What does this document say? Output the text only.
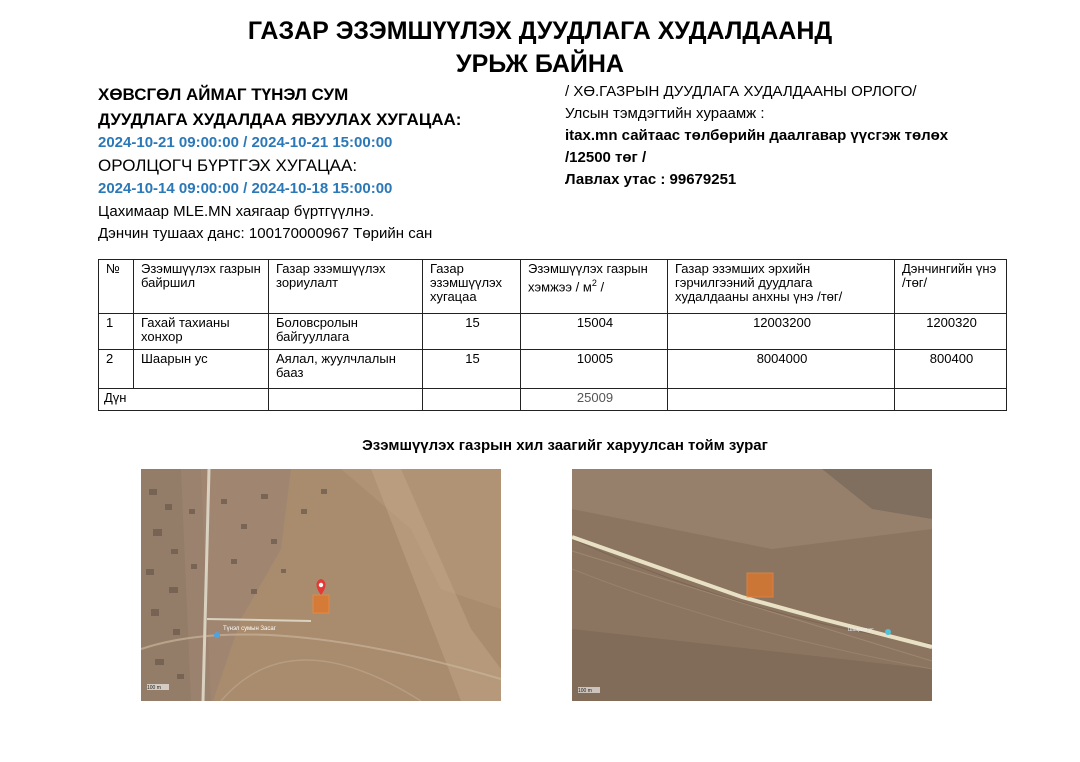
ГАЗАР ЭЗЭМШҮҮЛЭХ ДУУДЛАГА ХУДАЛДААНД
УРЬЖ БАЙНА
ХӨВСГӨЛ АЙМАГ ТҮНЭЛ СУМ
ДУУДЛАГА ХУДАЛДАА ЯВУУЛАХ ХУГАЦАА:
2024-10-21 09:00:00 / 2024-10-21 15:00:00
ОРОЛЦОГЧ БҮРТГЭХ ХУГАЦАА:
2024-10-14 09:00:00 / 2024-10-18 15:00:00
Цахимаар MLE.MN хаягаар бүртгүүлнэ.
Дэнчин тушаах данс: 100170000967 Төрийн сан
/ ХӨ.ГАЗРЫН ДУУДЛАГА ХУДАЛДААНЫ ОРЛОГО/
Улсын тэмдэгтийн хураамж :
itax.mn сайтаас төлбөрийн даалгавар үүсгэж төлөх
/12500 төг /
Лавлах утас : 99679251
№	Эзэмшүүлэх газрын байршил	Газар эзэмшүүлэх зориулалт	Газар эзэмшүүлэх хугацаа	Эзэмшүүлэх газрын хэмжээ / $м^2$ /	Газар эзэмших эрхийн гэрчилгээний дуудлага худалдааны анхны үнэ /төг/	Дэнчингийн үнэ /төг/
1	Гахай тахианы хонхор	Боловсролын байгууллага	15	15004	12003200	1200320
2	Шаарын ус	Аялал, жуулчлалын бааз	15	10005	8004000	800400
Дүн				25009		
Эзэмшүүлэх газрын хил заагийг харуулсан тойм зураг
Түнэл сумын Засаг
100 m
Шаарын ус
100 m
